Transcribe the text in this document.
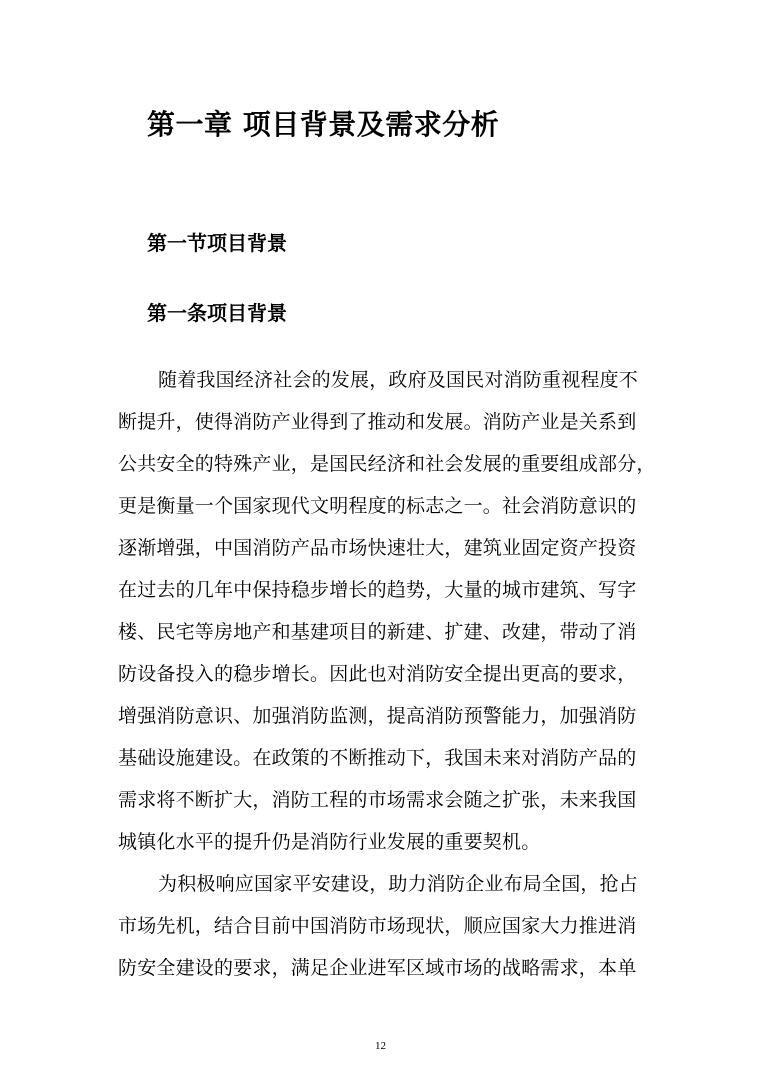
第一章 项目背景及需求分析
第一节项目背景
第一条项目背景

随着我国经济社会的发展，政府及国民对消防重视程度不
断提升，使得消防产业得到了推动和发展。消防产业是关系到
公共安全的特殊产业，是国民经济和社会发展的重要组成部分，
更是衡量一个国家现代文明程度的标志之一。社会消防意识的
逐渐增强，中国消防产品市场快速壮大，建筑业固定资产投资
在过去的几年中保持稳步增长的趋势，大量的城市建筑、写字
楼、民宅等房地产和基建项目的新建、扩建、改建，带动了消
防设备投入的稳步增长。因此也对消防安全提出更高的要求，
增强消防意识、加强消防监测，提高消防预警能力，加强消防
基础设施建设。在政策的不断推动下，我国未来对消防产品的
需求将不断扩大，消防工程的市场需求会随之扩张，未来我国
城镇化水平的提升仍是消防行业发展的重要契机。

为积极响应国家平安建设，助力消防企业布局全国，抢占
市场先机，结合目前中国消防市场现状，顺应国家大力推进消
防安全建设的要求，满足企业进军区域市场的战略需求，本单

12
